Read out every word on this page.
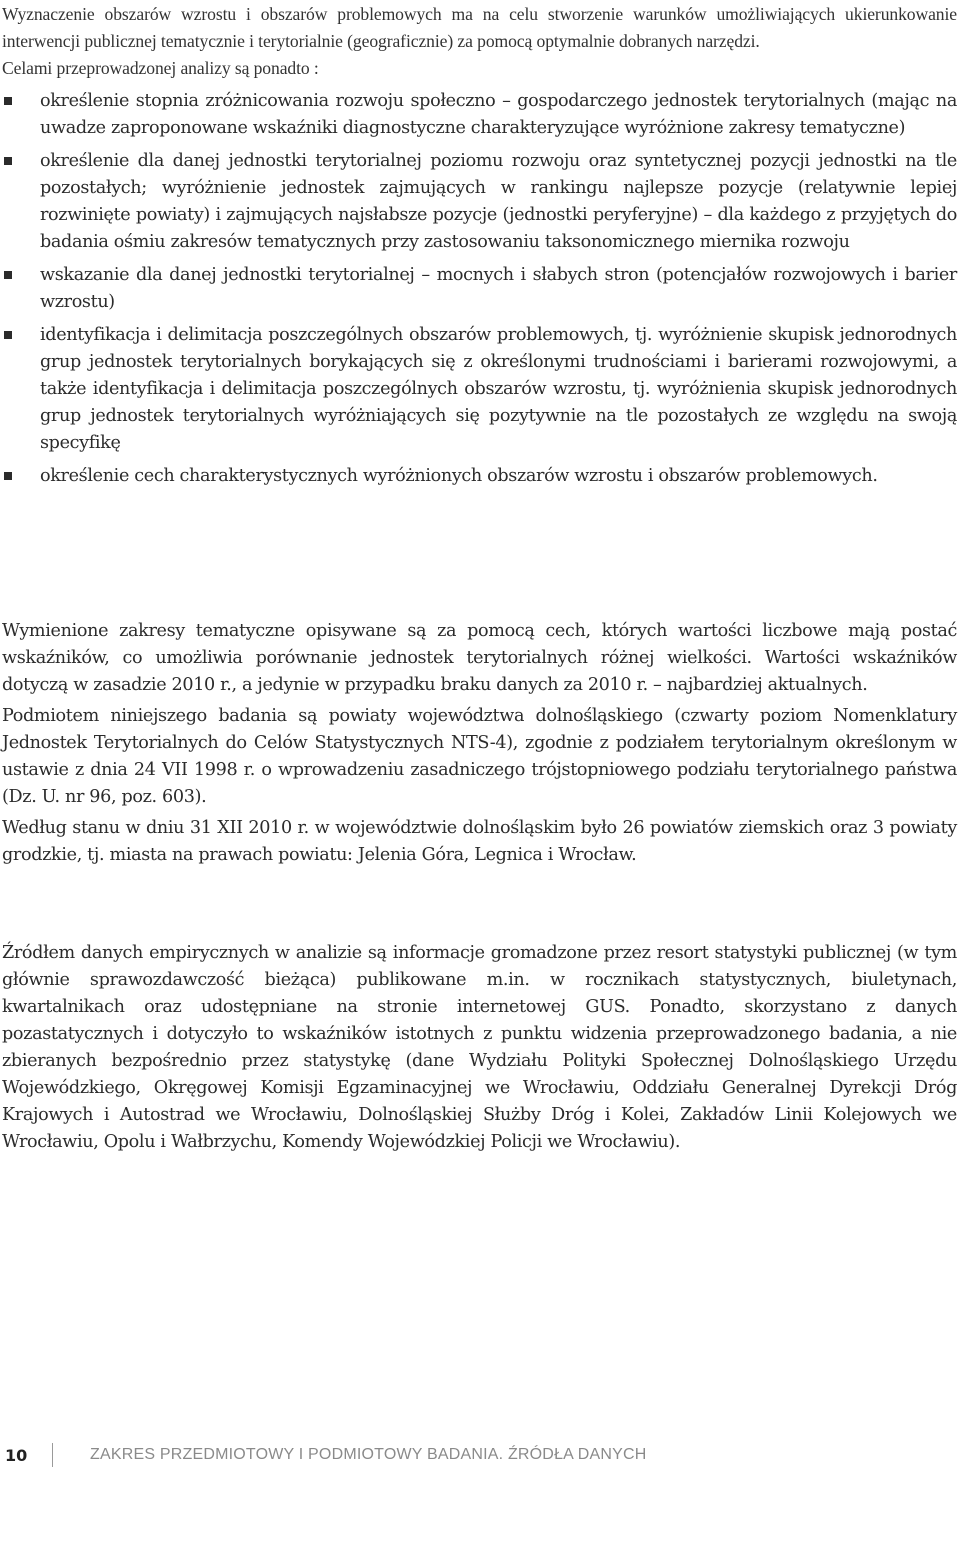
Wyznaczenie obszarów wzrostu i obszarów problemowych ma na celu stworzenie warunków umożliwiających ukierunkowanie interwencji publicznej tematycznie i terytorialnie (geograficznie) za pomocą optymalnie dobranych narzędzi.

Celami przeprowadzonej analizy są ponadto :

określenie stopnia zróżnicowania rozwoju społeczno – gospodarczego jednostek terytorialnych (mając na uwadze zaproponowane wskaźniki diagnostyczne charakteryzujące wyróżnione zakresy tematyczne)
określenie dla danej jednostki terytorialnej poziomu rozwoju oraz syntetycznej pozycji jednostki na tle pozostałych; wyróżnienie jednostek zajmujących w rankingu najlepsze pozycje (relatywnie lepiej rozwinięte powiaty) i zajmujących najsłabsze pozycje (jednostki peryferyjne) – dla każdego z przyjętych do badania ośmiu zakresów tematycznych przy zastosowaniu taksonomicznego miernika rozwoju
wskazanie dla danej jednostki terytorialnej – mocnych i słabych stron (potencjałów rozwojowych i barier wzrostu)
identyfikacja i delimitacja poszczególnych obszarów problemowych, tj. wyróżnienie skupisk jednorodnych grup jednostek terytorialnych borykających się z określonymi trudnościami i barierami rozwojowymi, a także identyfikacja i delimitacja poszczególnych obszarów wzrostu, tj. wyróżnienia skupisk jednorodnych grup jednostek terytorialnych wyróżniających się pozytywnie na tle pozostałych ze względu na swoją specyfikę
określenie cech charakterystycznych wyróżnionych obszarów wzrostu i obszarów problemowych.

Wymienione zakresy tematyczne opisywane są za pomocą cech, których wartości liczbowe mają postać wskaźników, co umożliwia porównanie jednostek terytorialnych różnej wielkości. Wartości wskaźników dotyczą w zasadzie 2010 r., a jedynie w przypadku braku danych za 2010 r. – najbardziej aktualnych.

Podmiotem niniejszego badania są powiaty województwa dolnośląskiego (czwarty poziom Nomenklatury Jednostek Terytorialnych do Celów Statystycznych NTS-4), zgodnie z podziałem terytorialnym określonym w ustawie z dnia 24 VII 1998 r. o wprowadzeniu zasadniczego trójstopniowego podziału terytorialnego państwa (Dz. U. nr 96, poz. 603).

Według stanu w dniu 31 XII 2010 r. w województwie dolnośląskim było 26 powiatów ziemskich oraz 3 powiaty grodzkie, tj. miasta na prawach powiatu: Jelenia Góra, Legnica i Wrocław.

Źródłem danych empirycznych w analizie są informacje gromadzone przez resort statystyki publicznej (w tym głównie sprawozdawczość bieżąca) publikowane m.in. w rocznikach statystycznych, biuletynach, kwartalnikach oraz udostępniane na stronie internetowej GUS. Ponadto, skorzystano z danych pozastatycznych i dotyczyło to wskaźników istotnych z punktu widzenia przeprowadzonego badania, a nie zbieranych bezpośrednio przez statystykę (dane Wydziału Polityki Społecznej Dolnośląskiego Urzędu Wojewódzkiego, Okręgowej Komisji Egzaminacyjnej we Wrocławiu, Oddziału Generalnej Dyrekcji Dróg Krajowych i Autostrad we Wrocławiu, Dolnośląskiej Służby Dróg i Kolei, Zakładów Linii Kolejowych we Wrocławiu, Opolu i Wałbrzychu, Komendy Wojewódzkiej Policji we Wrocławiu).

10	ZAKRES PRZEDMIOTOWY I PODMIOTOWY BADANIA. ŹRÓDŁA DANYCH
